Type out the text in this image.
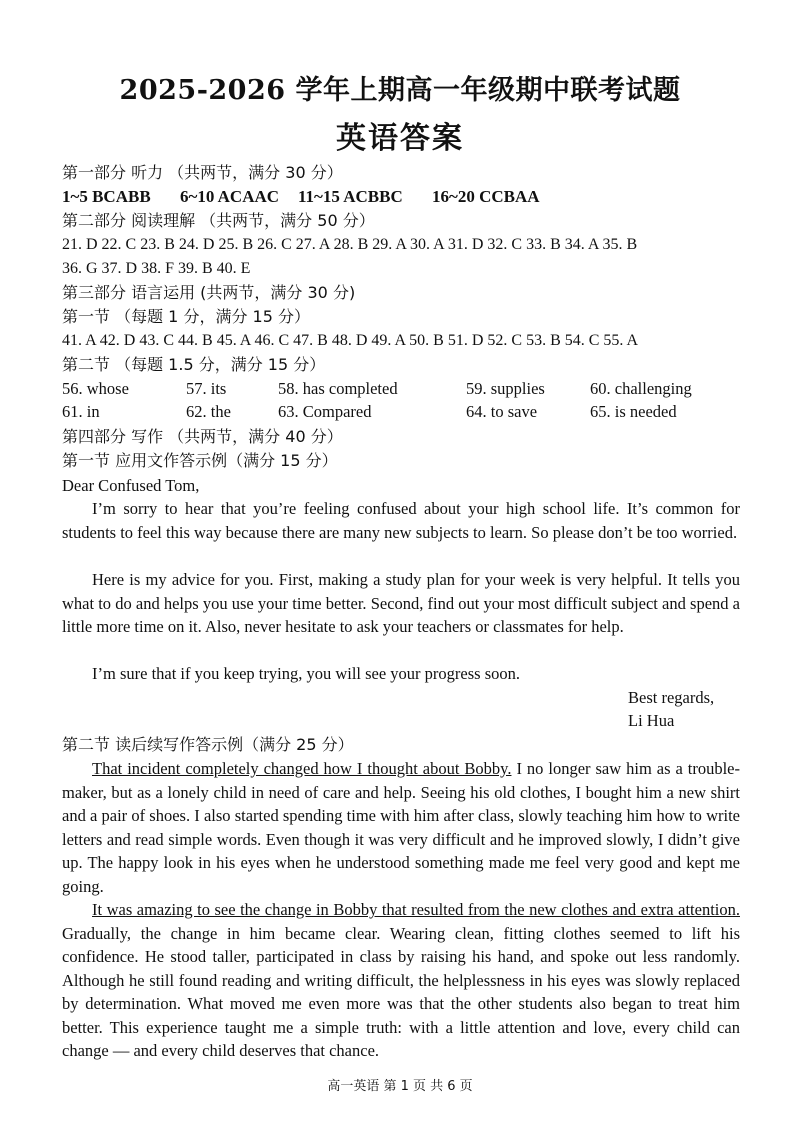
2025-2026 学年上期高一年级期中联考试题
英语答案
第一部分 听力 （共两节，满分 30 分）
1~5 BCABB 6~10 ACAAC 11~15 ACBBC 16~20 CCBAA
第二部分 阅读理解 （共两节，满分 50 分）
21. D 22. C 23. B 24. D 25. B 26. C 27. A 28. B 29. A 30. A 31. D 32. C 33. B 34. A 35. B
36. G 37. D 38. F 39. B 40. E
第三部分 语言运用 (共两节，满分 30 分)
第一节 （每题 1 分，满分 15 分）
41. A 42. D 43. C 44. B 45. A 46. C 47. B 48. D 49. A 50. B 51. D 52. C 53. B 54. C 55. A
第二节 （每题 1.5 分，满分 15 分）
56. whose	57. its	58. has completed	59. supplies	60. challenging
61. in	62. the	63. Compared	64. to save	65. is needed
第四部分 写作 （共两节，满分 40 分）
第一节 应用文作答示例（满分 15 分）
Dear Confused Tom,

I’m sorry to hear that you’re feeling confused about your high school life. It’s common for students to feel this way because there are many new subjects to learn. So please don’t be too worried.

Here is my advice for you. First, making a study plan for your week is very helpful. It tells you what to do and helps you use your time better. Second, find out your most difficult subject and spend a little more time on it. Also, never hesitate to ask your teachers or classmates for help.

I’m sure that if you keep trying, you will see your progress soon.

Best regards,
Li Hua
第二节 读后续写作答示例（满分 25 分）

That incident completely changed how I thought about Bobby. I no longer saw him as a trouble-maker, but as a lonely child in need of care and help. Seeing his old clothes, I bought him a new shirt and a pair of shoes. I also started spending time with him after class, slowly teaching him how to write letters and read simple words. Even though it was very difficult and he improved slowly, I didn’t give up. The happy look in his eyes when he understood something made me feel very good and kept me going.

It was amazing to see the change in Bobby that resulted from the new clothes and extra attention. Gradually, the change in him became clear. Wearing clean, fitting clothes seemed to lift his confidence. He stood taller, participated in class by raising his hand, and spoke out less randomly. Although he still found reading and writing difficult, the helplessness in his eyes was slowly replaced by determination. What moved me even more was that the other students also began to treat him better. This experience taught me a simple truth: with a little attention and love, every child can change — and every child deserves that chance.

高一英语 第 1 页 共 6 页
